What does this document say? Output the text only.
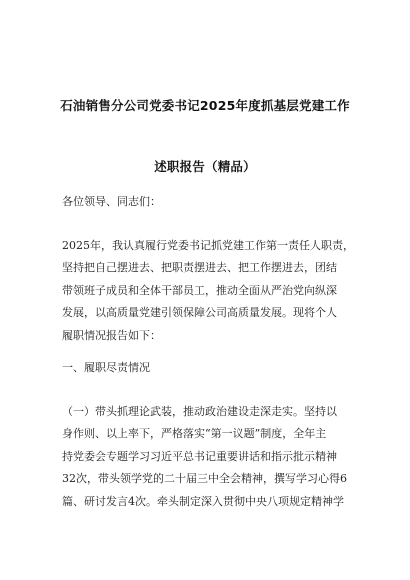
石油销售分公司党委书记2025年度抓基层党建工作
述职报告（精品）
各位领导、同志们：
2025年，我认真履行党委书记抓党建工作第一责任人职责，
坚持把自己摆进去、把职责摆进去、把工作摆进去，团结
带领班子成员和全体干部员工，推动全面从严治党向纵深
发展，以高质量党建引领保障公司高质量发展。现将个人
履职情况报告如下：
一、履职尽责情况
（一）带头抓理论武装，推动政治建设走深走实。坚持以
身作则、以上率下，严格落实“第一议题”制度，全年主
持党委会专题学习习近平总书记重要讲话和指示批示精神
32次，带头领学党的二十届三中全会精神，撰写学习心得6
篇、研讨发言4次。牵头制定深入贯彻中央八项规定精神学
